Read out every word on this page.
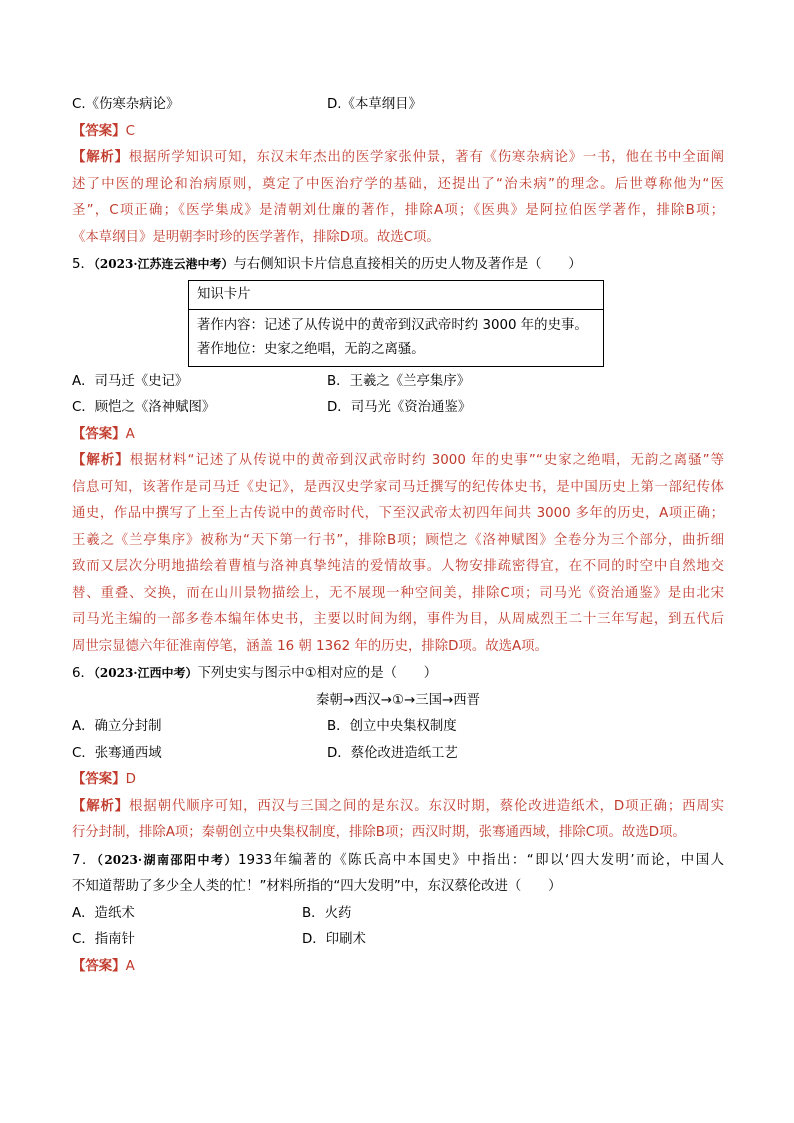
C.《伤寒杂病论》	D.《本草纲目》
【答案】C
【解析】根据所学知识可知，东汉末年杰出的医学家张仲景，著有《伤寒杂病论》一书，他在书中全面阐
述了中医的理论和治病原则，奠定了中医治疗学的基础，还提出了“治未病”的理念。后世尊称他为“医
圣”，C项正确；《医学集成》是清朝刘仕廉的著作，排除A项；《医典》是阿拉伯医学著作，排除B项；
《本草纲目》是明朝李时珍的医学著作，排除D项。故选C项。
5．（2023·江苏连云港中考）与右侧知识卡片信息直接相关的历史人物及著作是（　　）
知识卡片
著作内容：记述了从传说中的黄帝到汉武帝时约 3000 年的史事。
著作地位：史家之绝唱，无韵之离骚。
A．司马迁《史记》	B．王羲之《兰亭集序》
C．顾恺之《洛神赋图》	D．司马光《资治通鉴》
【答案】A
【解析】根据材料“记述了从传说中的黄帝到汉武帝时约 3000 年的史事”“史家之绝唱，无韵之离骚”等
信息可知，该著作是司马迁《史记》，是西汉史学家司马迁撰写的纪传体史书，是中国历史上第一部纪传体
通史，作品中撰写了上至上古传说中的黄帝时代，下至汉武帝太初四年间共 3000 多年的历史，A项正确；
王羲之《兰亭集序》被称为“天下第一行书”，排除B项；顾恺之《洛神赋图》全卷分为三个部分，曲折细
致而又层次分明地描绘着曹植与洛神真挚纯洁的爱情故事。人物安排疏密得宜，在不同的时空中自然地交
替、重叠、交换，而在山川景物描绘上，无不展现一种空间美，排除C项；司马光《资治通鉴》是由北宋
司马光主编的一部多卷本编年体史书，主要以时间为纲，事件为目，从周威烈王二十三年写起，到五代后
周世宗显德六年征淮南停笔，涵盖 16 朝 1362 年的历史，排除D项。故选A项。
6．（2023·江西中考）下列史实与图示中①相对应的是（　　）
秦朝→西汉→①→三国→西晋
A．确立分封制	B．创立中央集权制度
C．张骞通西域	D．蔡伦改进造纸工艺
【答案】D
【解析】根据朝代顺序可知，西汉与三国之间的是东汉。东汉时期，蔡伦改进造纸术，D项正确；西周实
行分封制，排除A项；秦朝创立中央集权制度，排除B项；西汉时期，张骞通西域，排除C项。故选D项。
7．（2023·湖南邵阳中考）1933年编著的《陈氏高中本国史》中指出：“即以‘四大发明’而论，中国人
不知道帮助了多少全人类的忙！”材料所指的“四大发明”中，东汉蔡伦改进（　　）
A．造纸术	B．火药
C．指南针	D．印刷术
【答案】A
